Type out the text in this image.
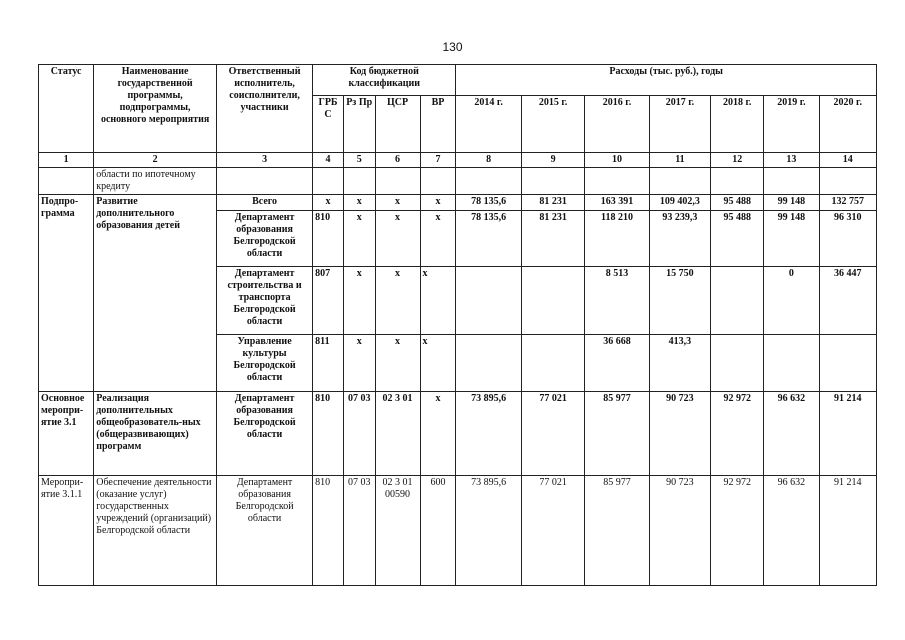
130
Статус	Наименование государственной программы, подпрограммы, основного мероприятия	Ответственный исполнитель, соисполнители, участники	Код бюджетной классификации				Расходы (тыс. руб.), годы						
			ГРБ С	Рз Пр	ЦСР	ВР	2014 г.	2015 г.	2016 г.	2017 г.	2018 г.	2019 г.	2020 г.
1	2	3	4	5	6	7	8	9	10	11	12	13	14
	области по ипотечному кредиту												
Подпро-грамма	Развитие дополнительного образования детей	Всего	х	х	х	х	78 135,6	81 231	163 391	109 402,3	95 488	99 148	132 757
		Департамент образования Белгородской области	810	х	х	х	78 135,6	81 231	118 210	93 239,3	95 488	99 148	96 310
		Департамент строительства и транспорта Белгородской области	807	х	х	х			8 513	15 750		0	36 447
		Управление культуры Белгородской области	811	х	х	х			36 668	413,3			
Основное меропри-ятие 3.1	Реализация дополнительных общеобразователь-ных (общеразвивающих) программ	Департамент образования Белгородской области	810	07 03	02 3 01	х	73 895,6	77 021	85 977	90 723	92 972	96 632	91 214
Меропри-ятие 3.1.1	Обеспечение деятельности (оказание услуг) государственных учреждений (организаций) Белгородской области	Департамент образования Белгородской области	810	07 03	02 3 01 00590	600	73 895,6	77 021	85 977	90 723	92 972	96 632	91 214
